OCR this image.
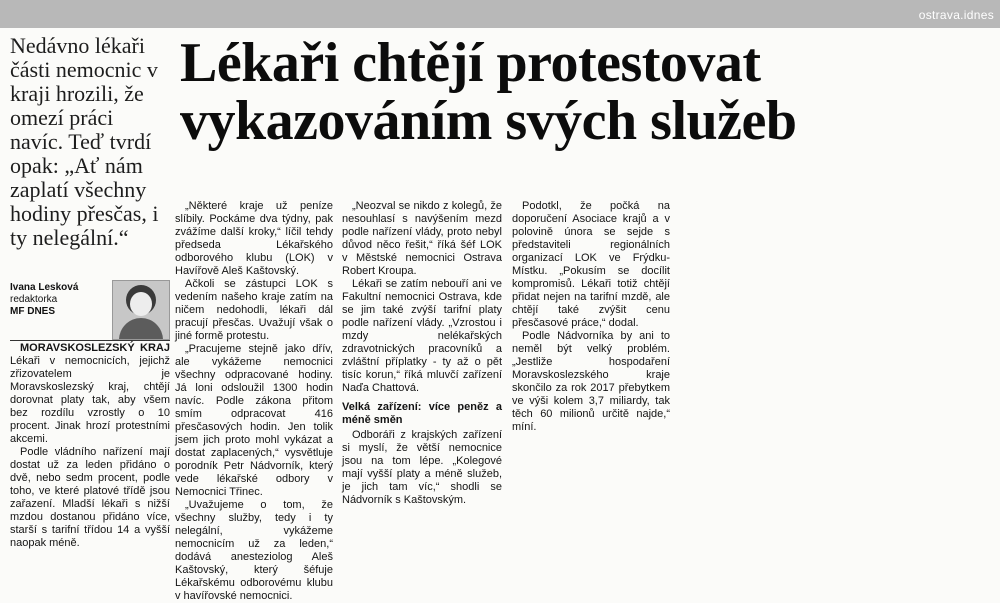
ostrava.idnes

Nedávno lékaři části nemocnic v kraji hrozili, že omezí práci navíc. Teď tvrdí opak: „Ať nám zaplatí všechny hodiny přesčas, i ty nelegální.“

Lékaři chtějí protestovat vykazováním svých služeb
Ivana Lesková
redaktorka
MF DNES

MORAVSKOSLEZSKÝ KRAJ Lékaři v nemocnicích, jejichž zřizovatelem je Moravskoslezský kraj, chtějí dorovnat platy tak, aby všem bez rozdílu vzrostly o 10 procent. Jinak hrozí protestními akcemi.

Podle vládního nařízení mají dostat už za leden přidáno o dvě, nebo sedm procent, podle toho, ve které platové třídě jsou zařazení. Mladší lékaři s nižší mzdou dostanou přidáno více, starší s tarifní třídou 14 a vyšší naopak méně.

„Některé kraje už peníze slíbily. Pockáme dva týdny, pak zvážíme další kroky,“ líčil tehdy předseda Lékařského odborového klubu (LOK) v Havířově Aleš Kaštovský.

Ačkoli se zástupci LOK s vedením našeho kraje zatím na ničem nedohodli, lékaři dál pracují přesčas. Uvažují však o jiné formě protestu.

„Pracujeme stejně jako dřív, ale vykážeme nemocnici všechny odpracované hodiny. Já loni odsloužil 1300 hodin navíc. Podle zákona přitom smím odpracovat 416 přesčasových hodin. Jen tolik jsem jich proto mohl vykázat a dostat zaplacených,“ vysvětluje porodník Petr Nádvorník, který vede lékařské odbory v Nemocnici Třinec.

„Uvažujeme o tom, že všechny služby, tedy i ty nelegální, vykážeme nemocnicím už za leden,“ dodává anesteziolog Aleš Kaštovský, který šéfuje Lékařskému odborovému klubu v havířovské nemocnici.

„Neozval se nikdo z kolegů, že nesouhlasí s navýšením mezd podle nařízení vlády, proto nebyl důvod něco řešit,“ říká šéf LOK v Městské nemocnici Ostrava Robert Kroupa.

Lékaři se zatím nebouří ani ve Fakultní nemocnici Ostrava, kde se jim také zvýší tarifní platy podle nařízení vlády. „Vzrostou i mzdy nelékařských zdravotnických pracovníků a zvláštní příplatky - ty až o pět tisíc korun,“ říká mluvčí zařízení Naďa Chattová.

Velká zařízení: více peněz a méně směn

Odboráři z krajských zařízení si myslí, že větší nemocnice jsou na tom lépe. „Kolegové mají vyšší platy a méně služeb, je jich tam víc,“ shodli se Nádvorník s Kaštovským.

Podotkl, že počká na doporučení Asociace krajů a v polovině února se sejde s představiteli regionálních organizací LOK ve Frýdku-Místku. „Pokusím se docílit kompromisů. Lékaři totiž chtějí přidat nejen na tarifní mzdě, ale chtějí také zvýšit cenu přesčasové práce,“ dodal.

Podle Nádvorníka by ani to neměl být velký problém. „Jestliže hospodaření Moravskoslezského kraje skončilo za rok 2017 přebytkem ve výši kolem 3,7 miliardy, tak těch 60 milionů určitě najde,“ míní.
